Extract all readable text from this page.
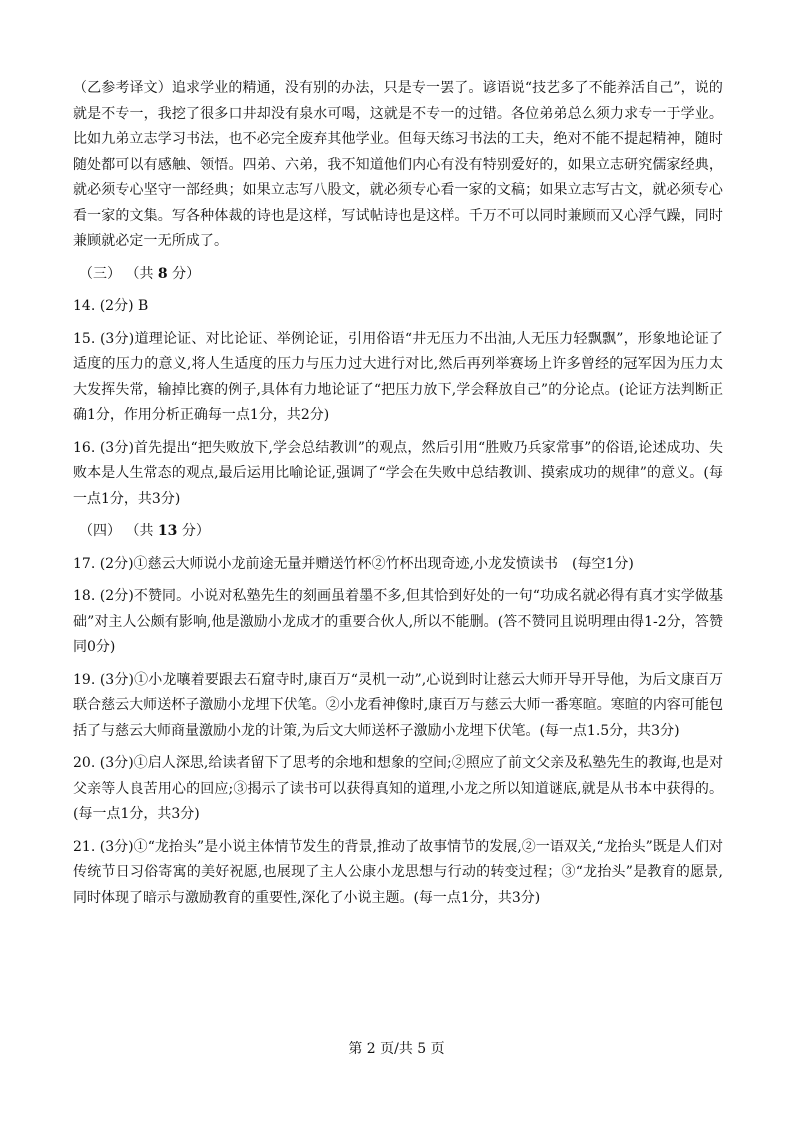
（乙参考译文）追求学业的精通，没有别的办法，只是专一罢了。谚语说“技艺多了不能养活自己”，说的就是不专一，我挖了很多口井却没有泉水可喝，这就是不专一的过错。各位弟弟总么须力求专一于学业。比如九弟立志学习书法，也不必完全废弃其他学业。但每天练习书法的工夫，绝对不能不提起精神，随时随处都可以有感触、领悟。四弟、六弟，我不知道他们内心有没有特别爱好的，如果立志研究儒家经典，就必须专心坚守一部经典；如果立志写八股文，就必须专心看一家的文稿；如果立志写古文，就必须专心看一家的文集。写各种体裁的诗也是这样，写试帖诗也是这样。千万不可以同时兼顾而又心浮气躁，同时兼顾就必定一无所成了。

（三） （共 8 分）

14. (2分) B

15. (3分)道理论证、对比论证、举例论证，引用俗语“井无压力不出油,人无压力轻飘飘”，形象地论证了适度的压力的意义,将人生适度的压力与压力过大进行对比,然后再列举赛场上许多曾经的冠军因为压力太大发挥失常，输掉比赛的例子,具体有力地论证了“把压力放下,学会释放自己”的分论点。(论证方法判断正确1分，作用分析正确每一点1分，共2分)

16. (3分)首先提出“把失败放下,学会总结教训”的观点，然后引用“胜败乃兵家常事”的俗语,论述成功、失败本是人生常态的观点,最后运用比喻论证,强调了“学会在失败中总结教训、摸索成功的规律”的意义。(每一点1分，共3分)

（四） （共 13 分）

17. (2分)①慈云大师说小龙前途无量并赠送竹杯②竹杯出现奇迹,小龙发愤读书　(每空1分)

18. (2分)不赞同。小说对私塾先生的刻画虽着墨不多,但其恰到好处的一句“功成名就必得有真才实学做基础”对主人公颇有影响,他是激励小龙成才的重要合伙人,所以不能删。(答不赞同且说明理由得1-2分，答赞同0分)

19. (3分)①小龙嚷着要跟去石窟寺时,康百万“灵机一动”,心说到时让慈云大师开导开导他，为后文康百万联合慈云大师送杯子激励小龙埋下伏笔。②小龙看神像时,康百万与慈云大师一番寒暄。寒暄的内容可能包括了与慈云大师商量激励小龙的计策,为后文大师送杯子激励小龙埋下伏笔。(每一点1.5分，共3分)

20. (3分)①启人深思,给读者留下了思考的余地和想象的空间;②照应了前文父亲及私塾先生的教诲,也是对父亲等人良苦用心的回应;③揭示了读书可以获得真知的道理,小龙之所以知道谜底,就是从书本中获得的。(每一点1分，共3分)

21. (3分)①“龙抬头”是小说主体情节发生的背景,推动了故事情节的发展,②一语双关,“龙抬头”既是人们对传统节日习俗寄寓的美好祝愿,也展现了主人公康小龙思想与行动的转变过程；③“龙抬头”是教育的愿景,同时体现了暗示与激励教育的重要性,深化了小说主题。(每一点1分，共3分)

第 2 页/共 5 页
